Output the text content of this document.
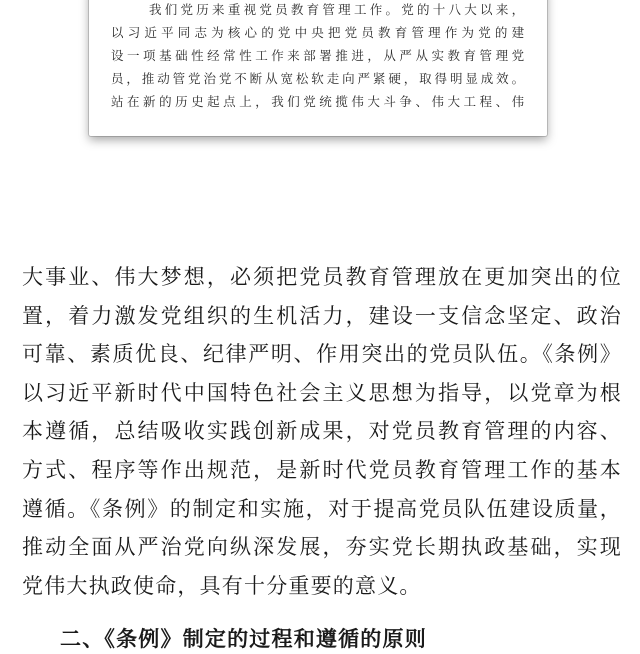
我们党历来重视党员教育管理工作。党的十八大以来，

以习近平同志为核心的党中央把党员教育管理作为党的建

设一项基础性经常性工作来部署推进，从严从实教育管理党

员，推动管党治党不断从宽松软走向严紧硬，取得明显成效。

站在新的历史起点上，我们党统揽伟大斗争、伟大工程、伟

大事业、伟大梦想，必须把党员教育管理放在更加突出的位

置，着力激发党组织的生机活力，建设一支信念坚定、政治

可靠、素质优良、纪律严明、作用突出的党员队伍。《条例》

以习近平新时代中国特色社会主义思想为指导，以党章为根

本遵循，总结吸收实践创新成果，对党员教育管理的内容、

方式、程序等作出规范，是新时代党员教育管理工作的基本

遵循。《条例》的制定和实施，对于提高党员队伍建设质量，

推动全面从严治党向纵深发展，夯实党长期执政基础，实现

党伟大执政使命，具有十分重要的意义。

二、《条例》制定的过程和遵循的原则
